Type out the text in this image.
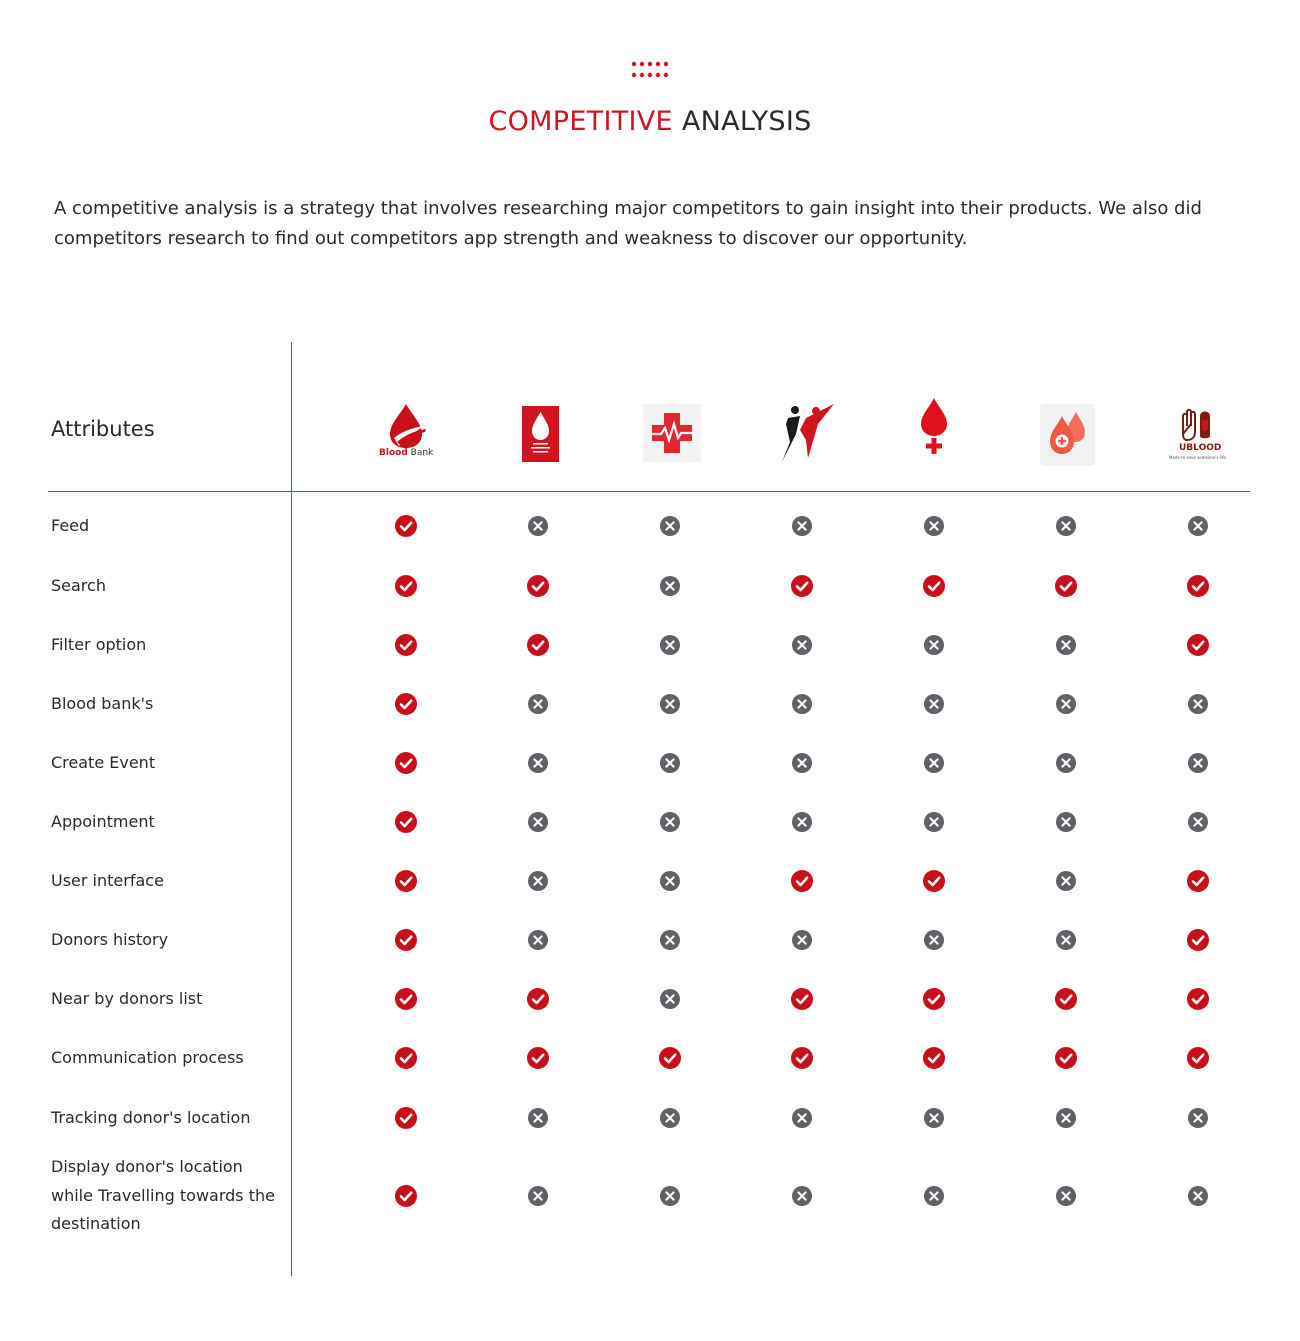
COMPETITIVE ANALYSIS

A competitive analysis is a strategy that involves researching major competitors to gain insight into their products. We also did competitors research to find out competitors app strength and weakness to discover our opportunity.

Attributes
Blood Bank	UBLOOD
Made to save someone's life

Feed

Search

Filter option

Blood bank's

Create Event

Appointment

User interface

Donors history

Near by donors list

Communication process

Tracking donor's location

Display donor's location while Travelling towards the destination
